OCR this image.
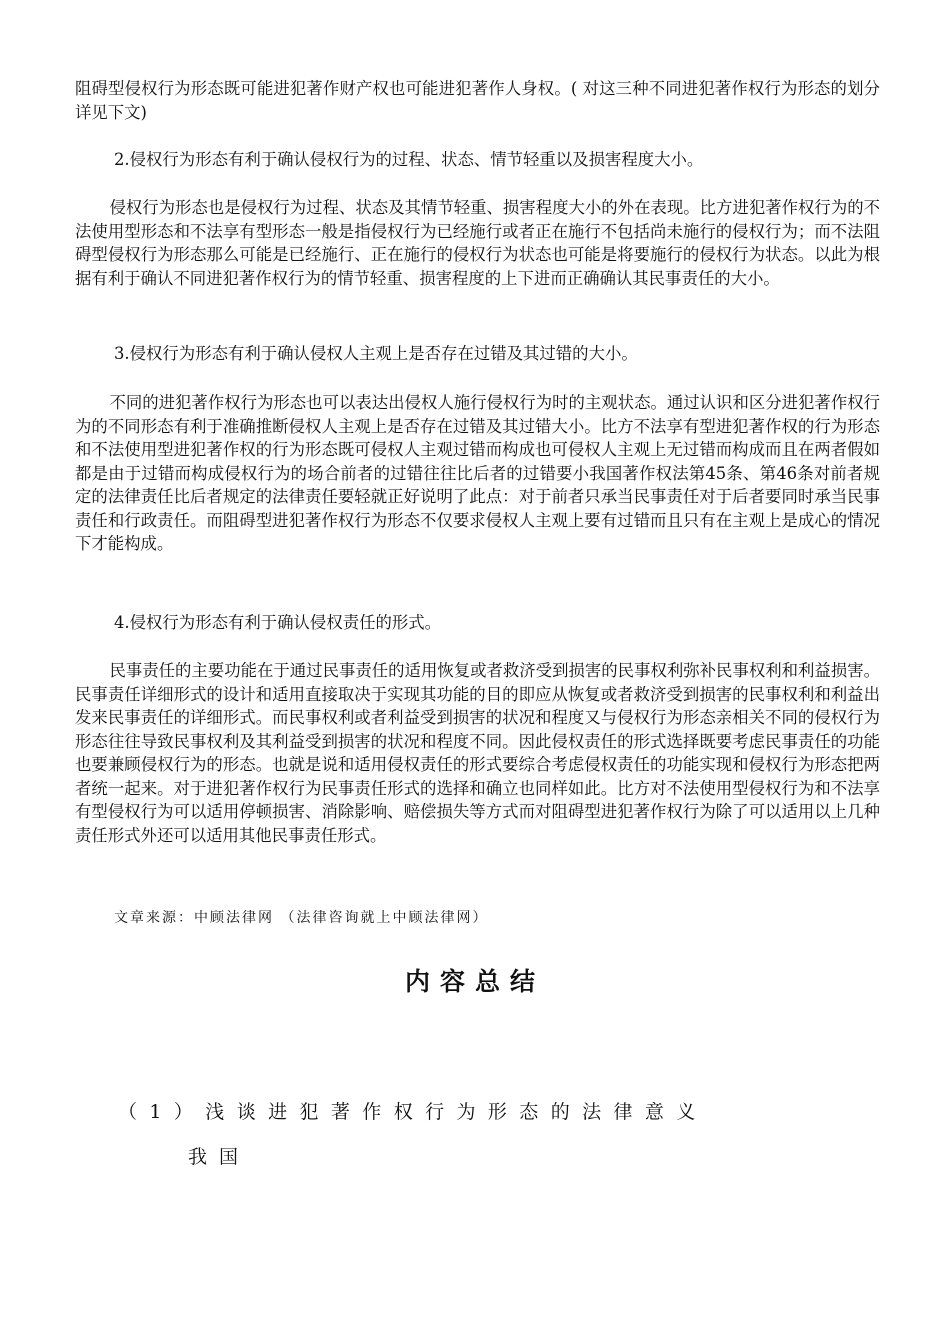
阻碍型侵权行为形态既可能进犯著作财产权也可能进犯著作人身权。( 对这三种不同进犯著作权行为形态的划分详见下文)

2.侵权行为形态有利于确认侵权行为的过程、状态、情节轻重以及损害程度大小。

侵权行为形态也是侵权行为过程、状态及其情节轻重、损害程度大小的外在表现。比方进犯著作权行为的不法使用型形态和不法享有型形态一般是指侵权行为已经施行或者正在施行不包括尚未施行的侵权行为；而不法阻碍型侵权行为形态那么可能是已经施行、正在施行的侵权行为状态也可能是将要施行的侵权行为状态。以此为根据有利于确认不同进犯著作权行为的情节轻重、损害程度的上下进而正确确认其民事责任的大小。

3.侵权行为形态有利于确认侵权人主观上是否存在过错及其过错的大小。

不同的进犯著作权行为形态也可以表达出侵权人施行侵权行为时的主观状态。通过认识和区分进犯著作权行为的不同形态有利于准确推断侵权人主观上是否存在过错及其过错大小。比方不法享有型进犯著作权的行为形态和不法使用型进犯著作权的行为形态既可侵权人主观过错而构成也可侵权人主观上无过错而构成而且在两者假如都是由于过错而构成侵权行为的场合前者的过错往往比后者的过错要小我国著作权法第45条、第46条对前者规定的法律责任比后者规定的法律责任要轻就正好说明了此点：对于前者只承当民事责任对于后者要同时承当民事责任和行政责任。而阻碍型进犯著作权行为形态不仅要求侵权人主观上要有过错而且只有在主观上是成心的情况下才能构成。

4.侵权行为形态有利于确认侵权责任的形式。

民事责任的主要功能在于通过民事责任的适用恢复或者救济受到损害的民事权利弥补民事权利和利益损害。民事责任详细形式的设计和适用直接取决于实现其功能的目的即应从恢复或者救济受到损害的民事权利和利益出发来民事责任的详细形式。而民事权利或者利益受到损害的状况和程度又与侵权行为形态亲相关不同的侵权行为形态往往导致民事权利及其利益受到损害的状况和程度不同。因此侵权责任的形式选择既要考虑民事责任的功能也要兼顾侵权行为的形态。也就是说和适用侵权责任的形式要综合考虑侵权责任的功能实现和侵权行为形态把两者统一起来。对于进犯著作权行为民事责任形式的选择和确立也同样如此。比方对不法使用型侵权行为和不法享有型侵权行为可以适用停顿损害、消除影响、赔偿损失等方式而对阻碍型进犯著作权行为除了可以适用以上几种责任形式外还可以适用其他民事责任形式。

文章来源：中顾法律网 （法律咨询就上中顾法律网）

内容总结

（1）浅谈进犯著作权行为形态的法律意义

我国
